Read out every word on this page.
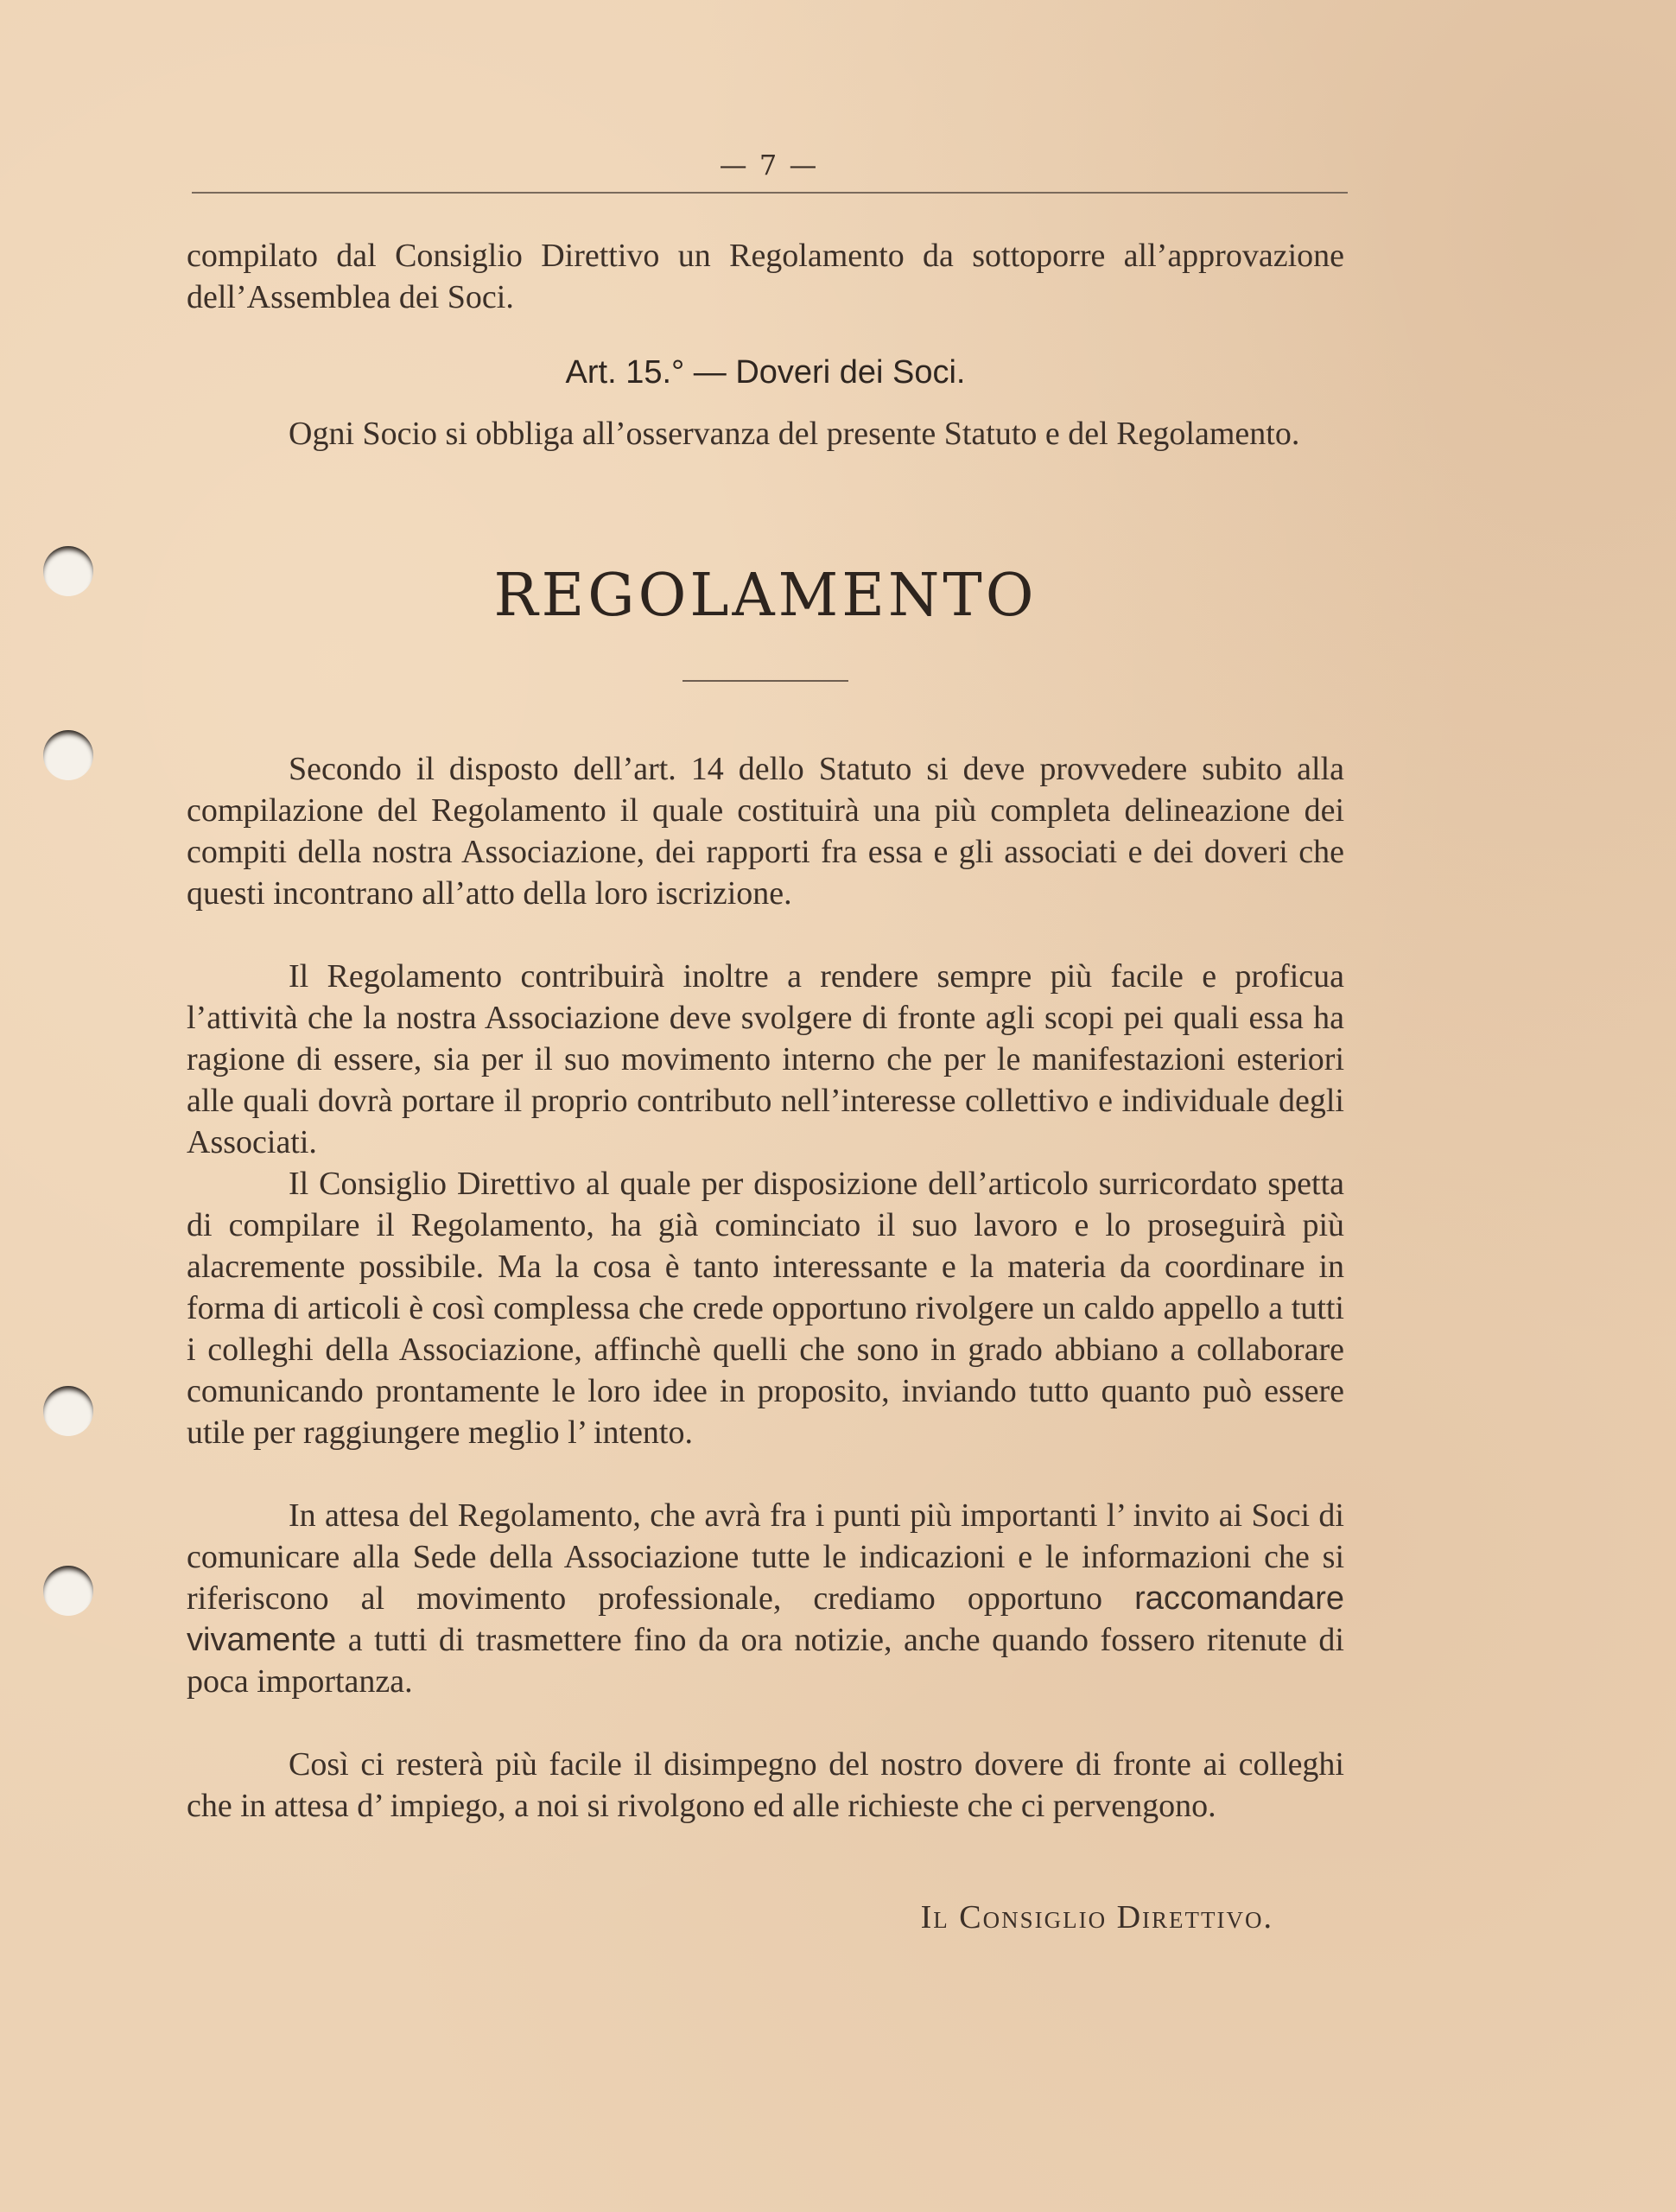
— 7 —

compilato dal Consiglio Direttivo un Regolamento da sottoporre all’approvazione dell’Assemblea dei Soci.

Art. 15.° — Doveri dei Soci.

Ogni Socio si obbliga all’osservanza del presente Statuto e del Regolamento.

REGOLAMENTO

Secondo il disposto dell’art. 14 dello Statuto si deve provvedere subito alla compilazione del Regolamento il quale costituirà una più completa delineazione dei compiti della nostra Associazione, dei rapporti fra essa e gli associati e dei doveri che questi incontrano all’atto della loro iscrizione.

Il Regolamento contribuirà inoltre a rendere sempre più facile e proficua l’attività che la nostra Associazione deve svolgere di fronte agli scopi pei quali essa ha ragione di essere, sia per il suo movimento interno che per le manifestazioni esteriori alle quali dovrà portare il proprio contributo nell’interesse collettivo e individuale degli Associati.

Il Consiglio Direttivo al quale per disposizione dell’articolo surricordato spetta di compilare il Regolamento, ha già cominciato il suo lavoro e lo proseguirà più alacremente possibile. Ma la cosa è tanto interessante e la materia da coordinare in forma di articoli è così complessa che crede opportuno rivolgere un caldo appello a tutti i colleghi della Associazione, affinchè quelli che sono in grado abbiano a collaborare comunicando prontamente le loro idee in proposito, inviando tutto quanto può essere utile per raggiungere meglio l’ intento.

In attesa del Regolamento, che avrà fra i punti più importanti l’ invito ai Soci di comunicare alla Sede della Associazione tutte le indicazioni e le informazioni che si riferiscono al movimento professionale, crediamo opportuno raccomandare vivamente a tutti di trasmettere fino da ora notizie, anche quando fossero ritenute di poca importanza.

Così ci resterà più facile il disimpegno del nostro dovere di fronte ai colleghi che in attesa d’ impiego, a noi si rivolgono ed alle richieste che ci pervengono.

Il Consiglio Direttivo.
